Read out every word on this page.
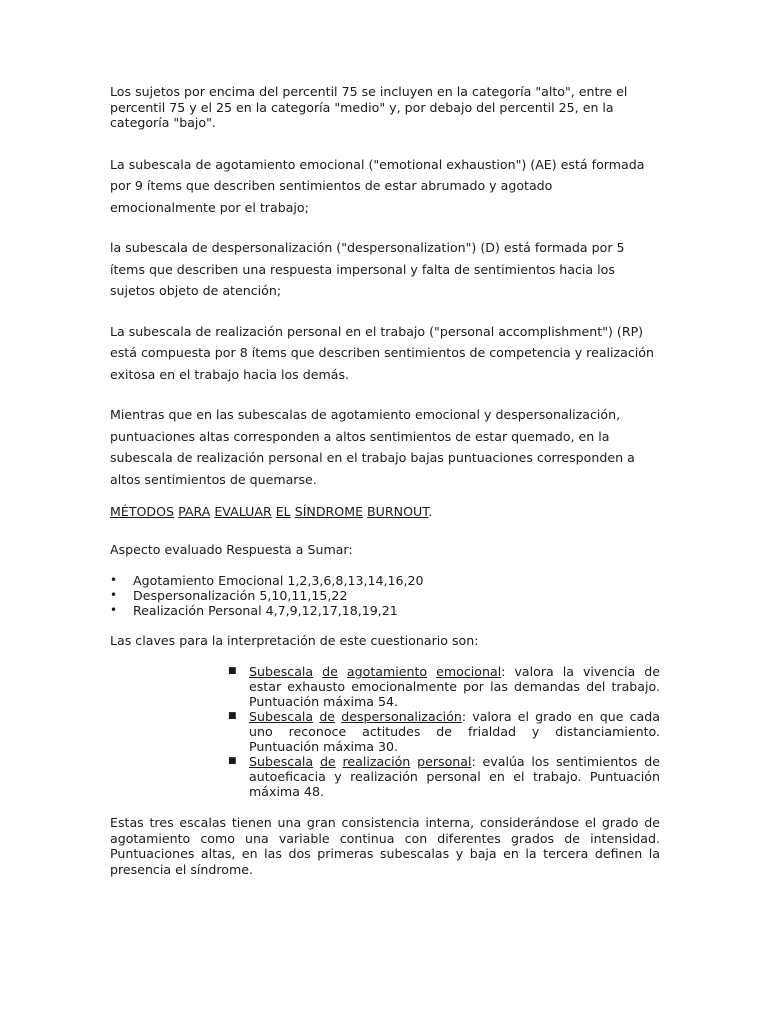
Los sujetos por encima del percentil 75 se incluyen en la categoría "alto", entre el percentil 75 y el 25 en la categoría "medio" y, por debajo del percentil 25, en la categoría "bajo".

La subescala de agotamiento emocional ("emotional exhaustion") (AE) está formada por 9 ítems que describen sentimientos de estar abrumado y agotado emocionalmente por el trabajo;

la subescala de despersonalización ("despersonalization") (D) está formada por 5 ítems que describen una respuesta impersonal y falta de sentimientos hacia los sujetos objeto de atención;

La subescala de realización personal en el trabajo ("personal accomplishment") (RP) está compuesta por 8 ítems que describen sentimientos de competencia y realización exitosa en el trabajo hacia los demás.

Mientras que en las subescalas de agotamiento emocional y despersonalización, puntuaciones altas corresponden a altos sentimientos de estar quemado, en la subescala de realización personal en el trabajo bajas puntuaciones corresponden a altos sentimientos de quemarse.

MÉTODOS PARA EVALUAR EL SÍNDROME BURNOUT.

Aspecto evaluado Respuesta a Sumar:

• Agotamiento Emocional 1,2,3,6,8,13,14,16,20
• Despersonalización 5,10,11,15,22
• Realización Personal 4,7,9,12,17,18,19,21

Las claves para la interpretación de este cuestionario son:

■ Subescala de agotamiento emocional: valora la vivencia de estar exhausto emocionalmente por las demandas del trabajo. Puntuación máxima 54.
■ Subescala de despersonalización: valora el grado en que cada uno reconoce actitudes de frialdad y distanciamiento. Puntuación máxima 30.
■ Subescala de realización personal: evalúa los sentimientos de autoeficacia y realización personal en el trabajo. Puntuación máxima 48.

Estas tres escalas tienen una gran consistencia interna, considerándose el grado de agotamiento como una variable continua con diferentes grados de intensidad. Puntuaciones altas, en las dos primeras subescalas y baja en la tercera definen la presencia el síndrome.
